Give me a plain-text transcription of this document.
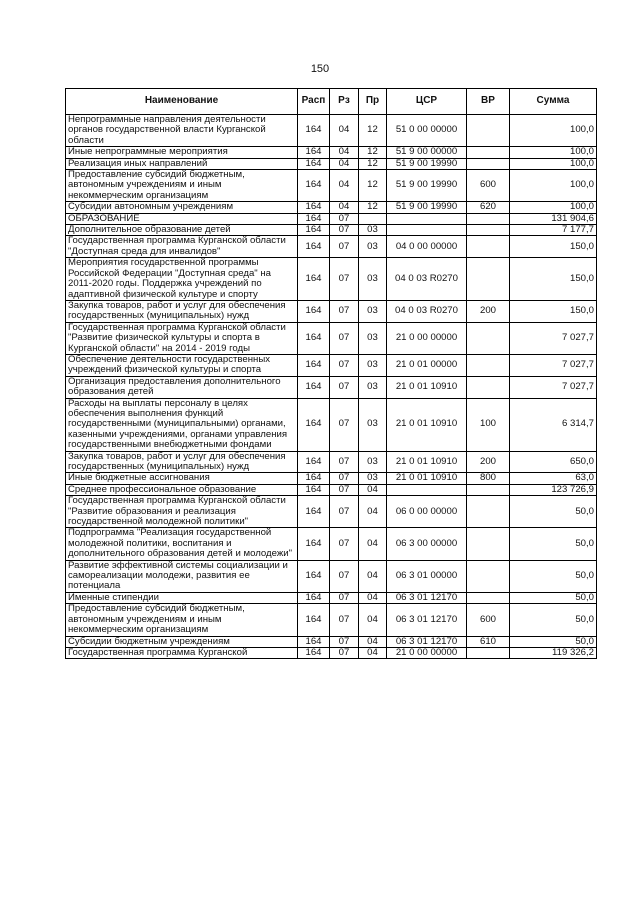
150
Наименование	Расп	Рз	Пр	ЦСР	ВР	Сумма
Непрограммные направления деятельности органов государственной власти Курганской области	164	04	12	51 0 00 00000		100,0
Иные непрограммные мероприятия	164	04	12	51 9 00 00000		100,0
Реализация иных направлений	164	04	12	51 9 00 19990		100,0
Предоставление субсидий бюджетным, автономным учреждениям и иным некоммерческим организациям	164	04	12	51 9 00 19990	600	100,0
Субсидии автономным учреждениям	164	04	12	51 9 00 19990	620	100,0
ОБРАЗОВАНИЕ	164	07				131 904,6
Дополнительное образование детей	164	07	03			7 177,7
Государственная программа Курганской области "Доступная среда для инвалидов"	164	07	03	04 0 00 00000		150,0
Мероприятия государственной программы Российской Федерации "Доступная среда" на 2011-2020 годы. Поддержка учреждений по адаптивной физической культуре и спорту	164	07	03	04 0 03 R0270		150,0
Закупка товаров, работ и услуг для обеспечения государственных (муниципальных) нужд	164	07	03	04 0 03 R0270	200	150,0
Государственная программа Курганской области "Развитие физической культуры и спорта в Курганской области" на 2014 - 2019 годы	164	07	03	21 0 00 00000		7 027,7
Обеспечение деятельности государственных учреждений физической культуры и спорта	164	07	03	21 0 01 00000		7 027,7
Организация предоставления дополнительного образования детей	164	07	03	21 0 01 10910		7 027,7
Расходы на выплаты персоналу в целях обеспечения выполнения функций государственными (муниципальными) органами, казенными учреждениями, органами управления государственными внебюджетными фондами	164	07	03	21 0 01 10910	100	6 314,7
Закупка товаров, работ и услуг для обеспечения государственных (муниципальных) нужд	164	07	03	21 0 01 10910	200	650,0
Иные бюджетные ассигнования	164	07	03	21 0 01 10910	800	63,0
Среднее профессиональное образование	164	07	04			123 726,9
Государственная программа Курганской области "Развитие образования и реализация государственной молодежной политики"	164	07	04	06 0 00 00000		50,0
Подпрограмма "Реализация государственной молодежной политики, воспитания и дополнительного образования детей и молодежи"	164	07	04	06 3 00 00000		50,0
Развитие эффективной системы социализации и самореализации молодежи, развития ее потенциала	164	07	04	06 3 01 00000		50,0
Именные стипендии	164	07	04	06 3 01 12170		50,0
Предоставление субсидий бюджетным, автономным учреждениям и иным некоммерческим организациям	164	07	04	06 3 01 12170	600	50,0
Субсидии бюджетным учреждениям	164	07	04	06 3 01 12170	610	50,0
Государственная программа Курганской	164	07	04	21 0 00 00000		119 326,2
